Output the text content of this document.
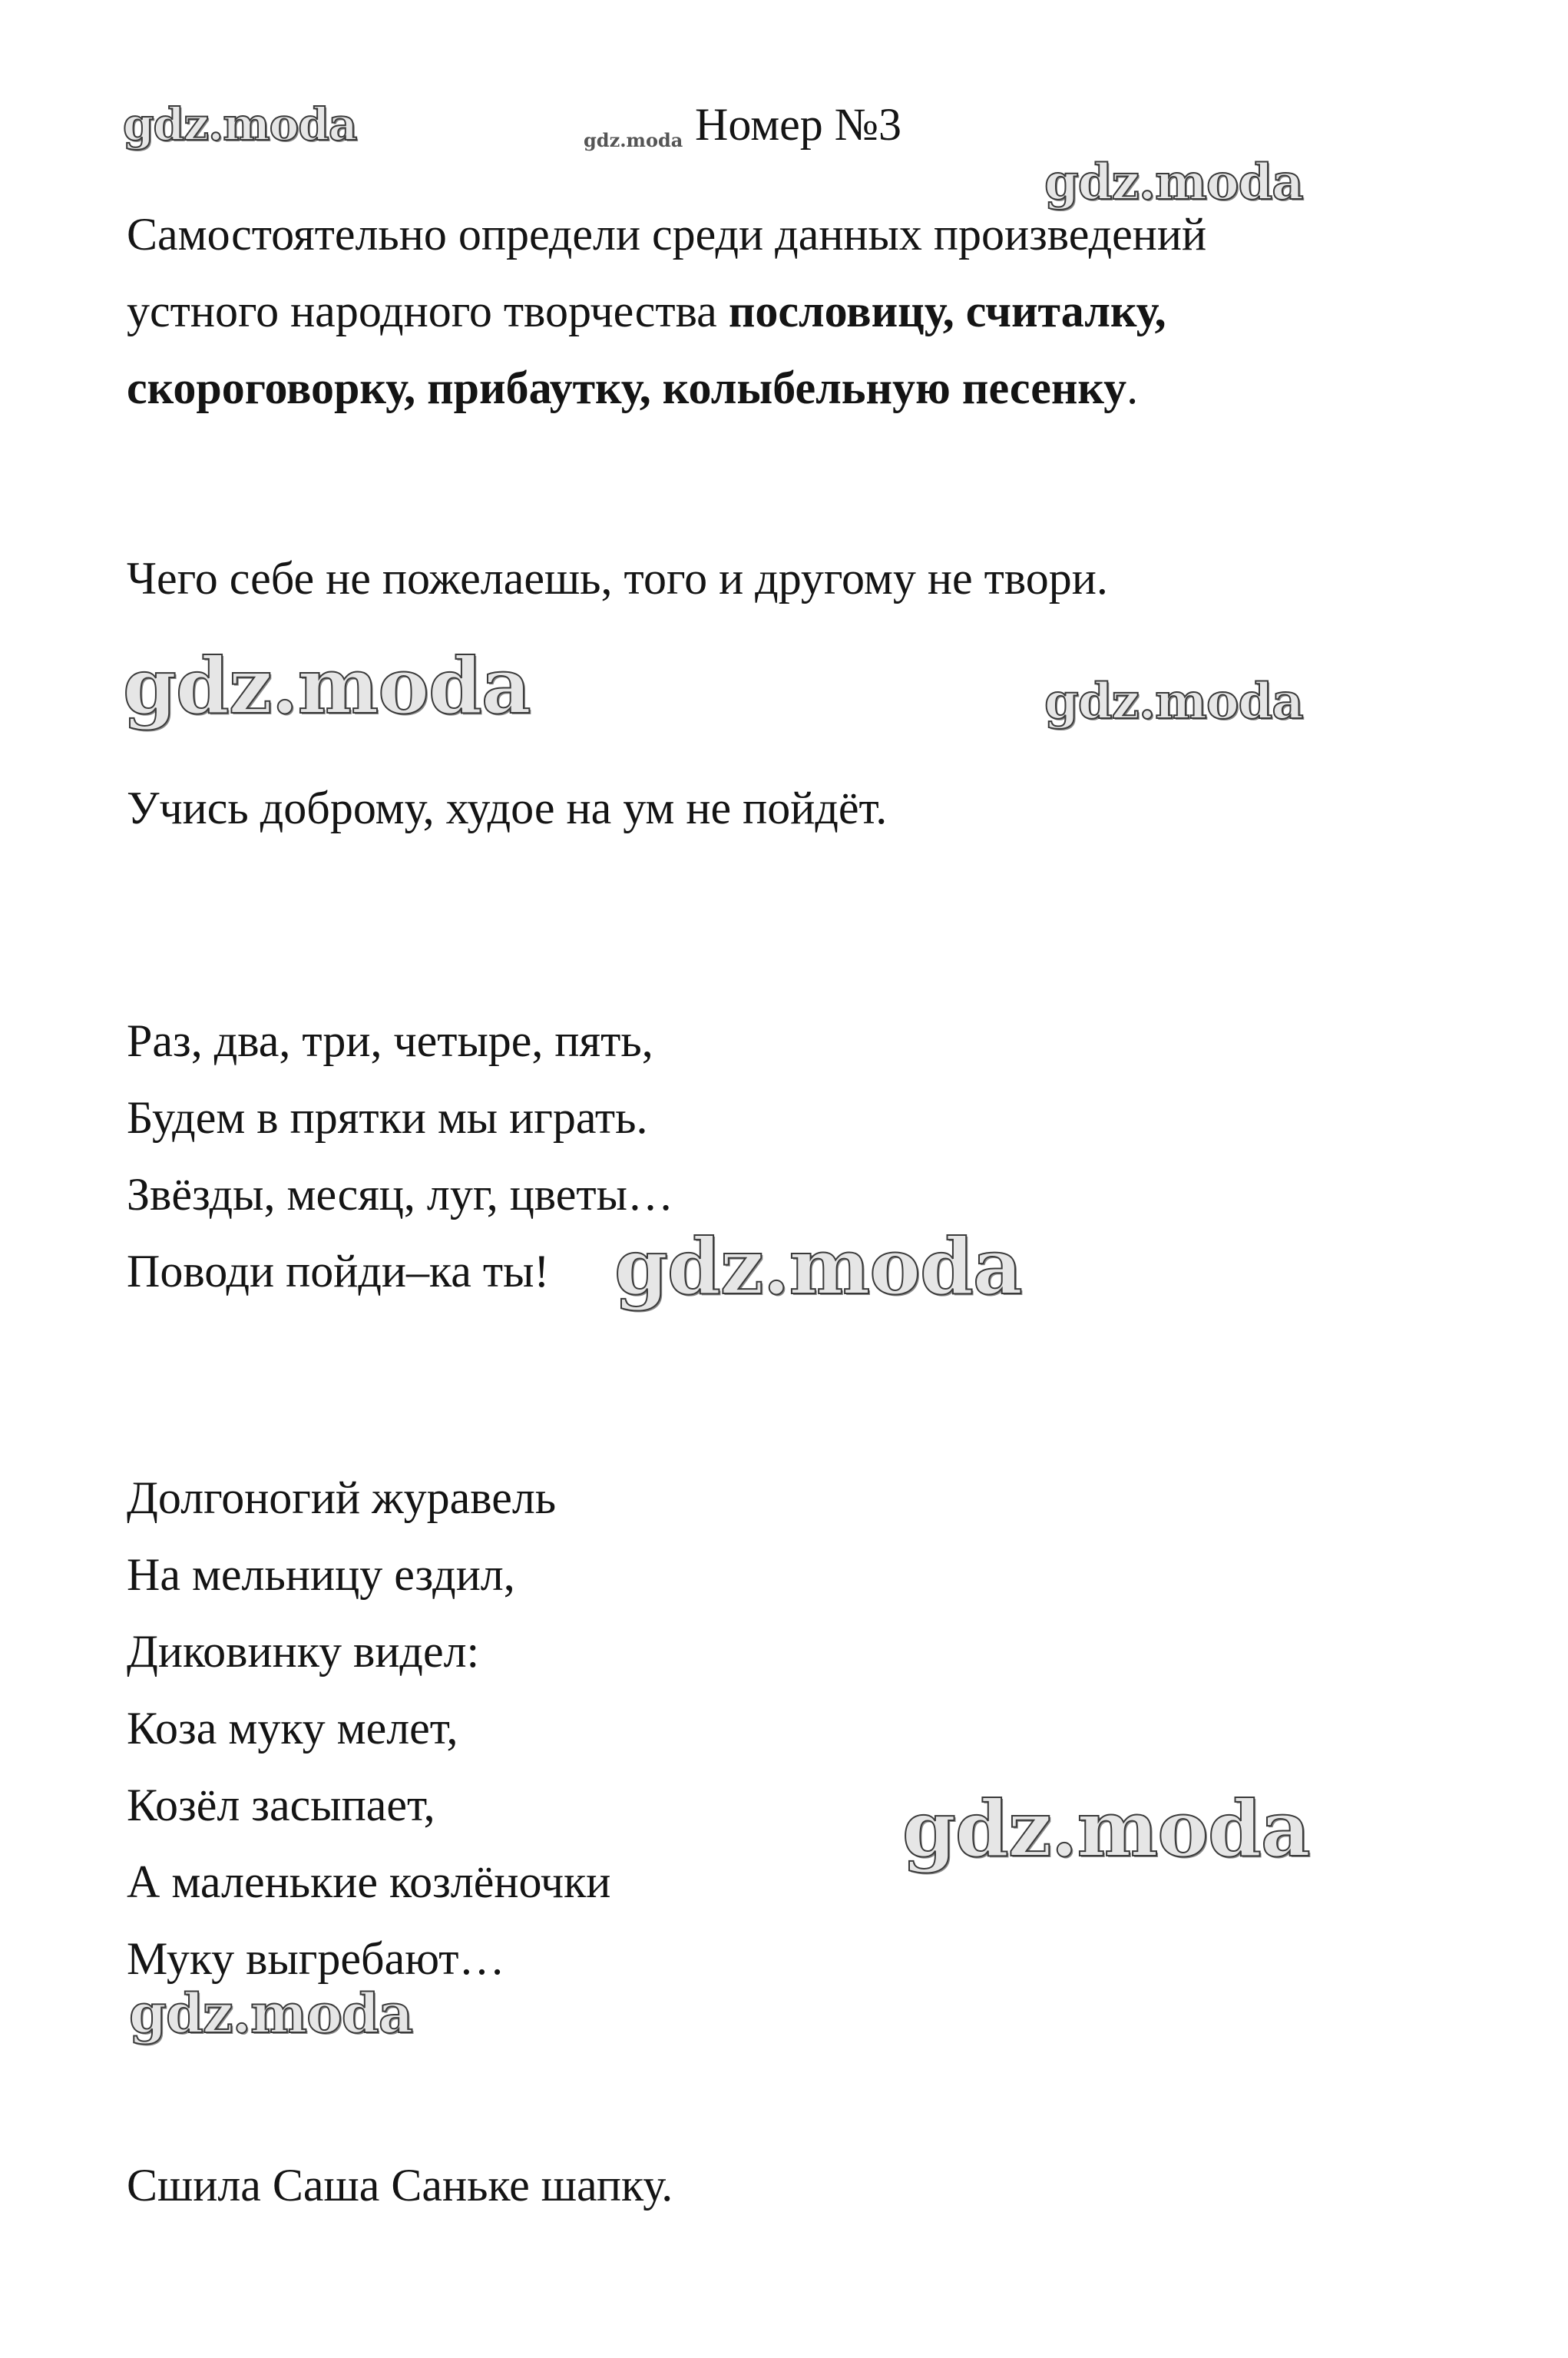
gdz.moda	gdz.moda
gdz.moda
gdz.moda	gdz.moda
gdz.moda
gdz.moda
gdz.moda
Номер №3
Самостоятельно определи среди данных произведений
устного народного творчества пословицу, считалку,
скороговорку, прибаутку, колыбельную песенку.
Чего себе не пожелаешь, того и другому не твори.
Учись доброму, худое на ум не пойдёт.
Раз, два, три, четыре, пять,
Будем в прятки мы играть.
Звёзды, месяц, луг, цветы…
Поводи пойди–ка ты!
Долгоногий журавель
На мельницу ездил,
Диковинку видел:
Коза муку мелет,
Козёл засыпает,
А маленькие козлёночки
Муку выгребают…
Сшила Саша Саньке шапку.
